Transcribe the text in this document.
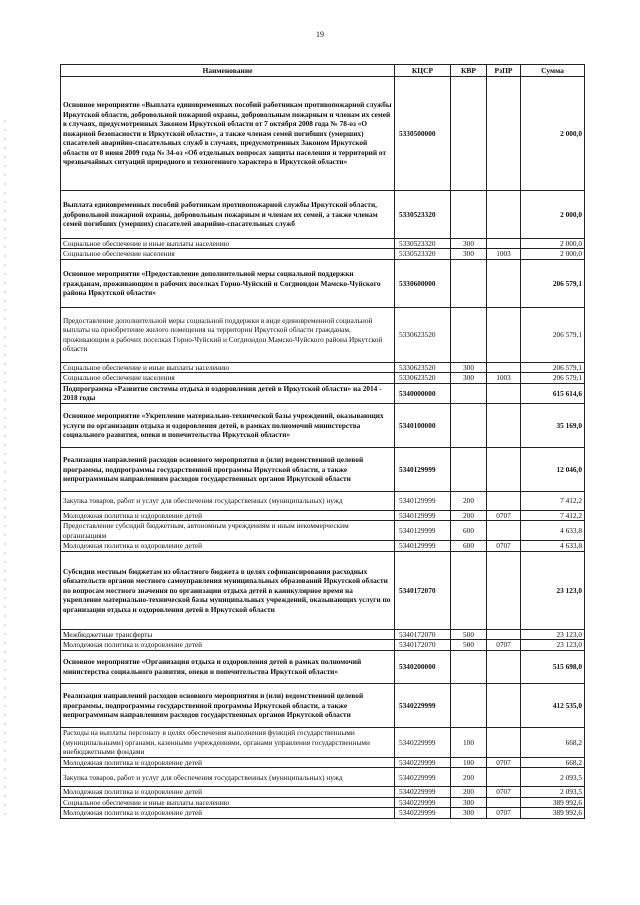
19
Наименование	КЦСР	КВР	РзПР	Сумма
Основное мероприятие «Выплата единовременных пособий работникам противопожарной службы Иркутской области, добровольной пожарной охраны, добровольным пожарным и членам их семей в случаях, предусмотренных Законом Иркутской области от 7 октября 2008 года № 78-оз «О пожарной безопасности в Иркутской области», а также членам семей погибших (умерших) спасателей аварийно-спасательных служб в случаях, предусмотренных Законом Иркутской области от 8 июня 2009 года № 34-оз «Об отдельных вопросах защиты населения и территорий от чрезвычайных ситуаций природного и техногенного характера в Иркутской области»	5330500000			2 000,0
Выплата единовременных пособий работникам противопожарной службы Иркутской области, добровольной пожарной охраны, добровольным пожарным и членам их семей, а также членам семей погибших (умерших) спасателей аварийно-спасательных служб	5330523320			2 000,0
Социальное обеспечение и иные выплаты населению	5330523320	300		2 000,0
Социальное обеспечение населения	5330523320	300	1003	2 000,0
Основное мероприятие «Предоставление дополнительной меры социальной поддержки гражданам, проживающим в рабочих поселках Горно-Чуйский и Согдиондон Мамско-Чуйского района Иркутской области»	5330600000			206 579,1
Предоставление дополнительной меры социальной поддержки в виде единовременной социальной выплаты на приобретение жилого помещения на территории Иркутской области гражданам, проживающим в рабочих поселках Горно-Чуйский и Согдиондон Мамско-Чуйского района Иркутской области	5330623520			206 579,1
Социальное обеспечение и иные выплаты населению	5330623520	300		206 579,1
Социальное обеспечение населения	5330623520	300	1003	206 579,1
Подпрограмма «Развитие системы отдыха и оздоровления детей в Иркутской области» на 2014 - 2018 годы	5340000000			615 614,6
Основное мероприятие «Укрепление материально-технической базы учреждений, оказывающих услуги по организации отдыха и оздоровления детей, в рамках полномочий министерства социального развития, опеки и попечительства Иркутской области»	5340100000			35 169,0
Реализация направлений расходов основного мероприятия и (или) ведомственной целевой программы, подпрограммы государственной программы Иркутской области, а также непрограммным направлениям расходов государственных органов Иркутской области	5340129999			12 046,0
Закупка товаров, работ и услуг для обеспечения государственных (муниципальных) нужд	5340129999	200		7 412,2
Молодежная политика и оздоровление детей	5340129999	200	0707	7 412,2
Предоставление субсидий бюджетным, автономным учреждениям и иным некоммерческим организациям	5340129999	600		4 633,8
Молодежная политика и оздоровление детей	5340129999	600	0707	4 633,8
Субсидии местным бюджетам из областного бюджета в целях софинансирования расходных обязательств органов местного самоуправления муниципальных образований Иркутской области по вопросам местного значения по организации отдыха детей в каникулярное время на укрепление материально-технической базы муниципальных учреждений, оказывающих услуги по организации отдыха и оздоровления детей в Иркутской области	5340172070			23 123,0
Межбюджетные трансферты	5340172070	500		23 123,0
Молодежная политика и оздоровление детей	5340172070	500	0707	23 123,0
Основное мероприятие «Организация отдыха и оздоровления детей в рамках полномочий министерства социального развития, опеки и попечительства Иркутской области»	5340200000			515 698,0
Реализация направлений расходов основного мероприятия и (или) ведомственной целевой программы, подпрограммы государственной программы Иркутской области, а также непрограммным направлениям расходов государственных органов Иркутской области	5340229999			412 535,0
Расходы на выплаты персоналу в целях обеспечения выполнения функций государственными (муниципальными) органами, казенными учреждениями, органами управления государственными внебюджетными фондами	5340229999	100		668,2
Молодежная политика и оздоровление детей	5340229999	100	0707	668,2
Закупка товаров, работ и услуг для обеспечения государственных (муниципальных) нужд	5340229999	200		2 093,5
Молодежная политика и оздоровление детей	5340229999	200	0707	2 093,5
Социальное обеспечение и иные выплаты населению	5340229999	300		389 992,6
Молодежная политика и оздоровление детей	5340229999	300	0707	389 992,6
